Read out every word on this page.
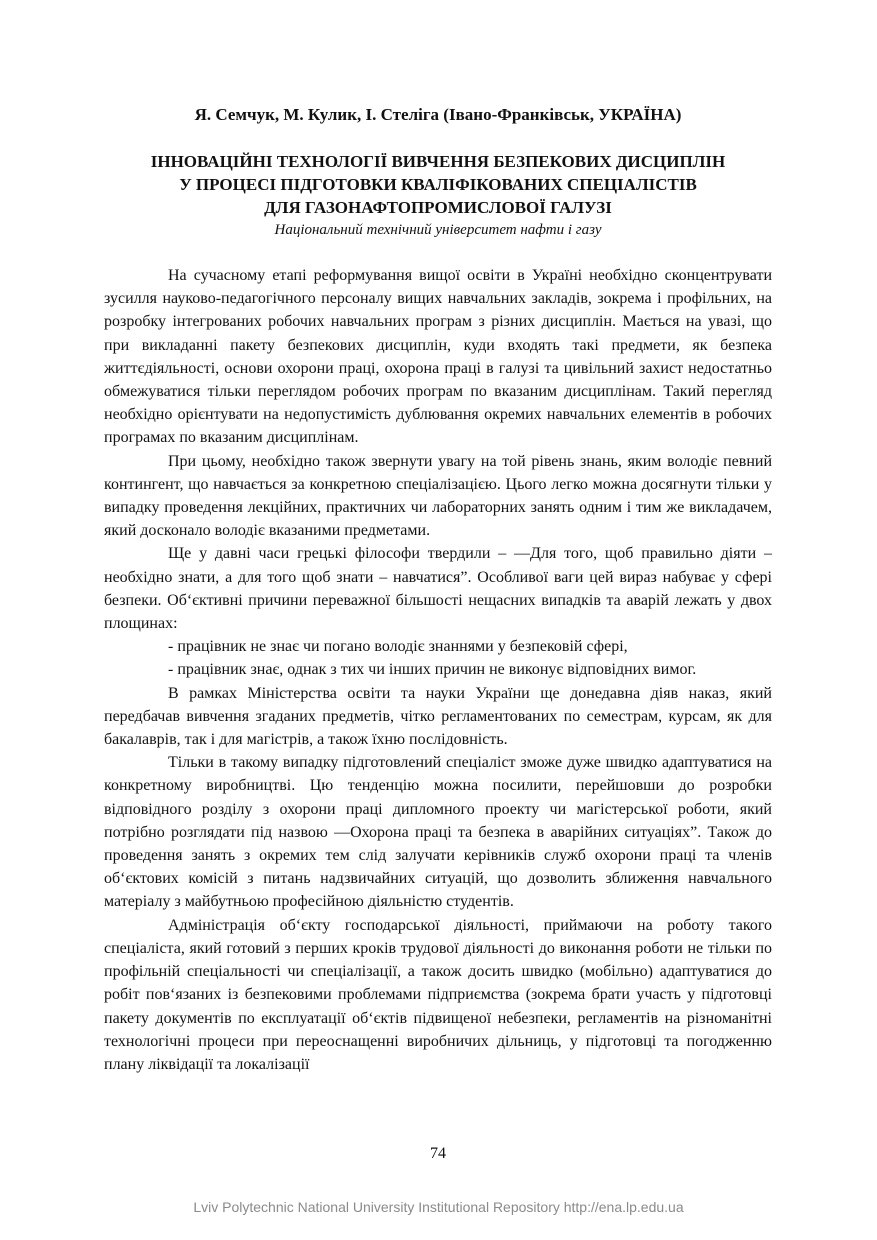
Я. Семчук, М. Кулик, І. Стеліга (Івано-Франківськ, УКРАЇНА)
ІННОВАЦІЙНІ ТЕХНОЛОГІЇ ВИВЧЕННЯ БЕЗПЕКОВИХ ДИСЦИПЛІН
У ПРОЦЕСІ ПІДГОТОВКИ КВАЛІФІКОВАНИХ СПЕЦІАЛІСТІВ
ДЛЯ ГАЗОНАФТОПРОМИСЛОВОЇ ГАЛУЗІ
Національний технічний університет нафти і газу

На сучасному етапі реформування вищої освіти в Україні необхідно сконцентрувати зусилля науково-педагогічного персоналу вищих навчальних закладів, зокрема і профільних, на розробку інтегрованих робочих навчальних програм з різних дисциплін. Мається на увазі, що при викладанні пакету безпекових дисциплін, куди входять такі предмети, як безпека життєдіяльності, основи охорони праці, охорона праці в галузі та цивільний захист недостатньо обмежуватися тільки переглядом робочих програм по вказаним дисциплінам. Такий перегляд необхідно орієнтувати на недопустимість дублювання окремих навчальних елементів в робочих програмах по вказаним дисциплінам.

При цьому, необхідно також звернути увагу на той рівень знань, яким володіє певний контингент, що навчається за конкретною спеціалізацією. Цього легко можна досягнути тільки у випадку проведення лекційних, практичних чи лабораторних занять одним і тим же викладачем, який досконало володіє вказаними предметами.

Ще у давні часи грецькі філософи твердили – ―Для того, щоб правильно діяти – необхідно знати, а для того щоб знати – навчатися”. Особливої ваги цей вираз набуває у сфері безпеки. Об‘єктивні причини переважної більшості нещасних випадків та аварій лежать у двох площинах:

- працівник не знає чи погано володіє знаннями у безпековій сфері,

- працівник знає, однак з тих чи інших причин не виконує відповідних вимог.

В рамках Міністерства освіти та науки України ще донедавна діяв наказ, який передбачав вивчення згаданих предметів, чітко регламентованих по семестрам, курсам, як для бакалаврів, так і для магістрів, а також їхню послідовність.

Тільки в такому випадку підготовлений спеціаліст зможе дуже швидко адаптуватися на конкретному виробництві. Цю тенденцію можна посилити, перейшовши до розробки відповідного розділу з охорони праці дипломного проекту чи магістерської роботи, який потрібно розглядати під назвою ―Охорона праці та безпека в аварійних ситуаціях”. Також до проведення занять з окремих тем слід залучати керівників служб охорони праці та членів об‘єктових комісій з питань надзвичайних ситуацій, що дозволить зближення навчального матеріалу з майбутньою професійною діяльністю студентів.

Адміністрація об‘єкту господарської діяльності, приймаючи на роботу такого спеціаліста, який готовий з перших кроків трудової діяльності до виконання роботи не тільки по профільній спеціальності чи спеціалізації, а також досить швидко (мобільно) адаптуватися до робіт пов‘язаних із безпековими проблемами підприємства (зокрема брати участь у підготовці пакету документів по експлуатації об‘єктів підвищеної небезпеки, регламентів на різноманітні технологічні процеси при переоснащенні виробничих дільниць, у підготовці та погодженню плану ліквідації та локалізації

74
Lviv Polytechnic National University Institutional Repository http://ena.lp.edu.ua
